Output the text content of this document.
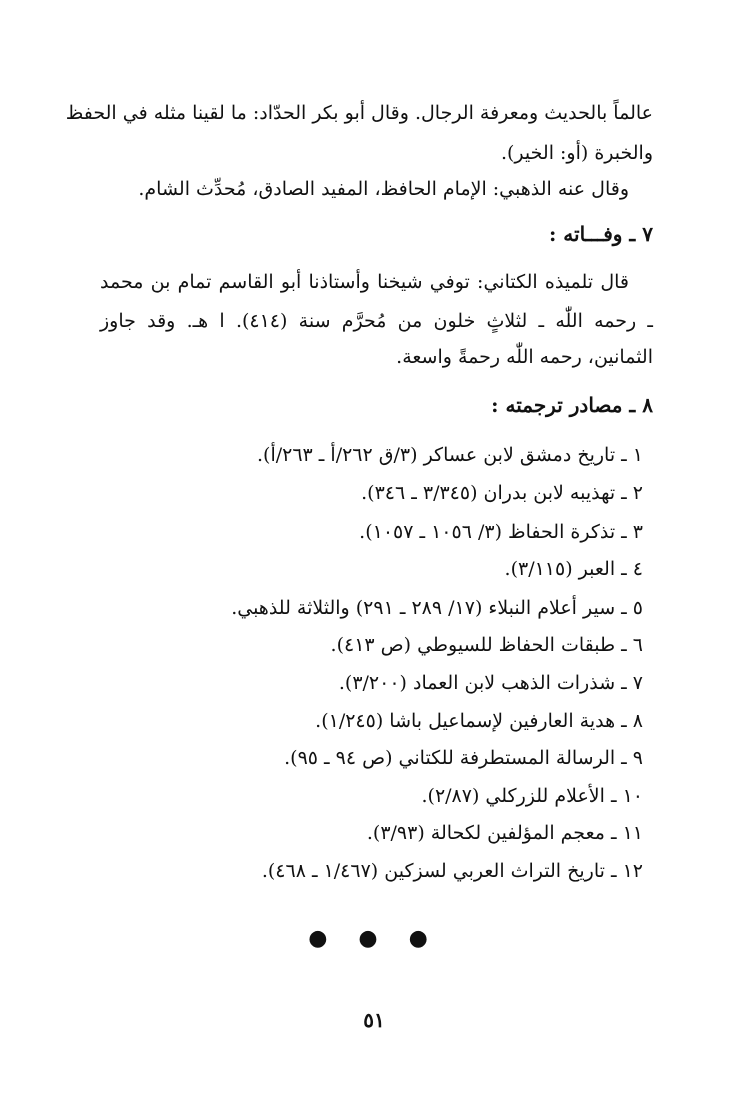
عالماً بالحديث ومعرفة الرجال. وقال أبو بكر الحدّاد: ما لقينا مثله في الحفظ
والخبرة (أو: الخير).
وقال عنه الذهبي: الإمام الحافظ، المفيد الصادق، مُحدِّث الشام.
٧ ـ وفـــاته :
قال تلميذه الكتاني: توفي شيخنا وأستاذنا أبو القاسم تمام بن محمد
ـ رحمه اللّٰه ـ لثلاثٍ خلون من مُحرَّم سنة (٤١٤). ا هـ. وقد جاوز
الثمانين، رحمه اللّٰه رحمةً واسعة.
٨ ـ مصادر ترجمته :
١ ـ تاريخ دمشق لابن عساكر (٣/ق ٢٦٢/أ ـ ٢٦٣/أ).
٢ ـ تهذيبه لابن بدران (٣/٣٤٥ ـ ٣٤٦).
٣ ـ تذكرة الحفاظ (٣/ ١٠٥٦ ـ ١٠٥٧).
٤ ـ العبر (٣/١١٥).
٥ ـ سير أعلام النبلاء (١٧/ ٢٨٩ ـ ٢٩١) والثلاثة للذهبي.
٦ ـ طبقات الحفاظ للسيوطي (ص ٤١٣).
٧ ـ شذرات الذهب لابن العماد (٣/٢٠٠).
٨ ـ هدية العارفين لإسماعيل باشا (١/٢٤٥).
٩ ـ الرسالة المستطرفة للكتاني (ص ٩٤ ـ ٩٥).
١٠ ـ الأعلام للزركلي (٢/٨٧).
١١ ـ معجم المؤلفين لكحالة (٣/٩٣).
١٢ ـ تاريخ التراث العربي لسزكين (١/٤٦٧ ـ ٤٦٨).
● ● ●
٥١
